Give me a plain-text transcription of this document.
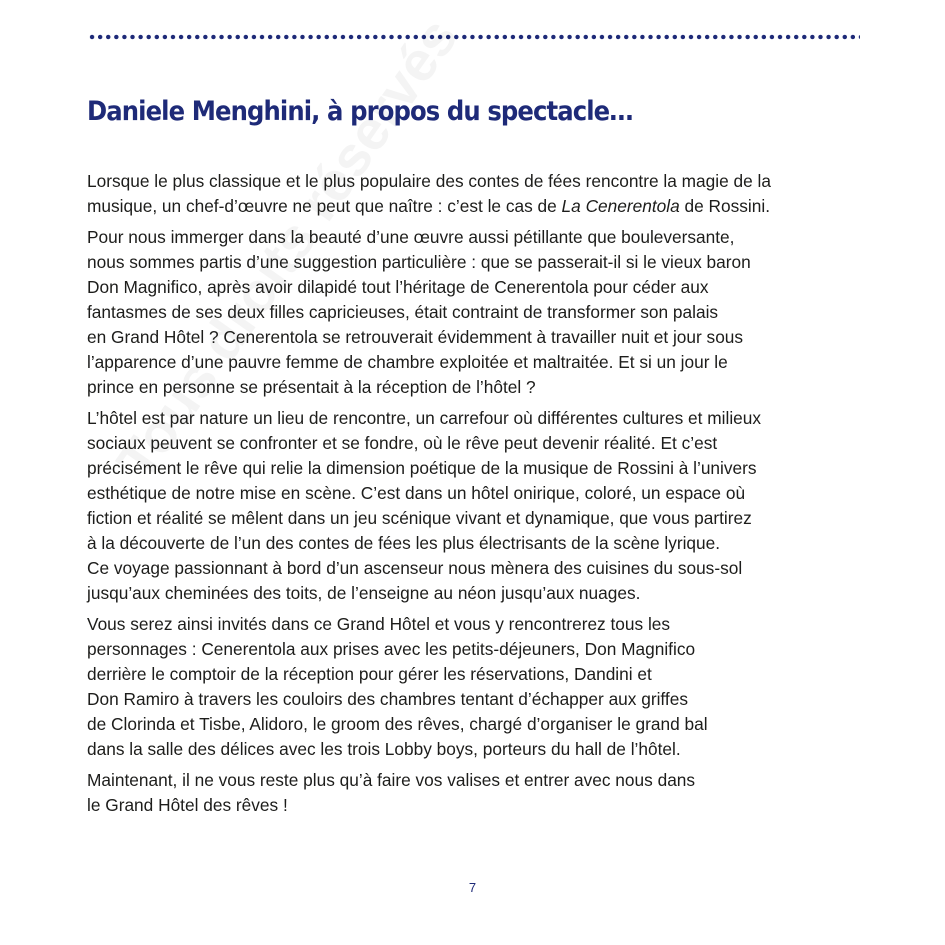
Daniele Menghini, à propos du spectacle…

Lorsque le plus classique et le plus populaire des contes de fées rencontre la magie de la
musique, un chef-d’œuvre ne peut que naître : c’est le cas de La Cenerentola de Rossini.

Pour nous immerger dans la beauté d’une œuvre aussi pétillante que bouleversante,
nous sommes partis d’une suggestion particulière : que se passerait-il si le vieux baron
Don Magnifico, après avoir dilapidé tout l’héritage de Cenerentola pour céder aux
fantasmes de ses deux filles capricieuses, était contraint de transformer son palais
en Grand Hôtel ? Cenerentola se retrouverait évidemment à travailler nuit et jour sous
l’apparence d’une pauvre femme de chambre exploitée et maltraitée. Et si un jour le
prince en personne se présentait à la réception de l’hôtel ?

L’hôtel est par nature un lieu de rencontre, un carrefour où différentes cultures et milieux
sociaux peuvent se confronter et se fondre, où le rêve peut devenir réalité. Et c’est
précisément le rêve qui relie la dimension poétique de la musique de Rossini à l’univers
esthétique de notre mise en scène. C’est dans un hôtel onirique, coloré, un espace où
fiction et réalité se mêlent dans un jeu scénique vivant et dynamique, que vous partirez
à la découverte de l’un des contes de fées les plus électrisants de la scène lyrique.
Ce voyage passionnant à bord d’un ascenseur nous mènera des cuisines du sous-sol
jusqu’aux cheminées des toits, de l’enseigne au néon jusqu’aux nuages.

Vous serez ainsi invités dans ce Grand Hôtel et vous y rencontrerez tous les
personnages : Cenerentola aux prises avec les petits-déjeuners, Don Magnifico
derrière le comptoir de la réception pour gérer les réservations, Dandini et
Don Ramiro à travers les couloirs des chambres tentant d’échapper aux griffes
de Clorinda et Tisbe, Alidoro, le groom des rêves, chargé d’organiser le grand bal
dans la salle des délices avec les trois Lobby boys, porteurs du hall de l’hôtel.

Maintenant, il ne vous reste plus qu’à faire vos valises et entrer avec nous dans
le Grand Hôtel des rêves !

7
